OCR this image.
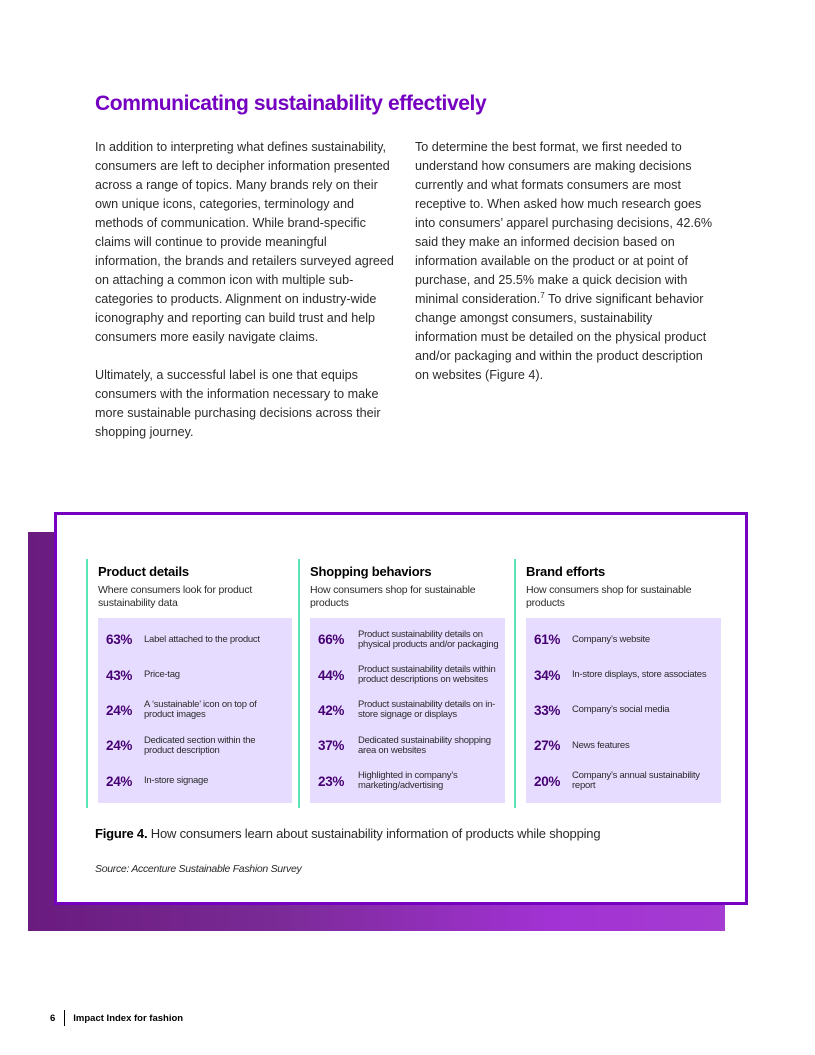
Communicating sustainability effectively

In addition to interpreting what defines sustainability, consumers are left to decipher information presented across a range of topics. Many brands rely on their own unique icons, categories, terminology and methods of communication. While brand-specific claims will continue to provide meaningful information, the brands and retailers surveyed agreed on attaching a common icon with multiple sub-categories to products. Alignment on industry-wide iconography and reporting can build trust and help consumers more easily navigate claims.

Ultimately, a successful label is one that equips consumers with the information necessary to make more sustainable purchasing decisions across their shopping journey.

To determine the best format, we first needed to understand how consumers are making decisions currently and what formats consumers are most receptive to. When asked how much research goes into consumers’ apparel purchasing decisions, 42.6% said they make an informed decision based on information available on the product or at point of purchase, and 25.5% make a quick decision with minimal consideration.$^7$ To drive significant behavior change amongst consumers, sustainability information must be detailed on the physical product and/or packaging and within the product description on websites (Figure 4).

Product details
Where consumers look for product sustainability data
63%	Label attached to the product
43%	Price-tag
24%	A ‘sustainable’ icon on top of product images
24%	Dedicated section within the product description
24%	In-store signage
Shopping behaviors
How consumers shop for sustainable products
66%	Product sustainability details on physical products and/or packaging
44%	Product sustainability details within product descriptions on websites
42%	Product sustainability details on in-store signage or displays
37%	Dedicated sustainability shopping area on websites
23%	Highlighted in company’s marketing/advertising
Brand efforts
How consumers shop for sustainable products
61%	Company’s website
34%	In-store displays, store associates
33%	Company’s social media
27%	News features
20%	Company’s annual sustainability report
Figure 4. How consumers learn about sustainability information of products while shopping
Source: Accenture Sustainable Fashion Survey
6 Impact Index for fashion
